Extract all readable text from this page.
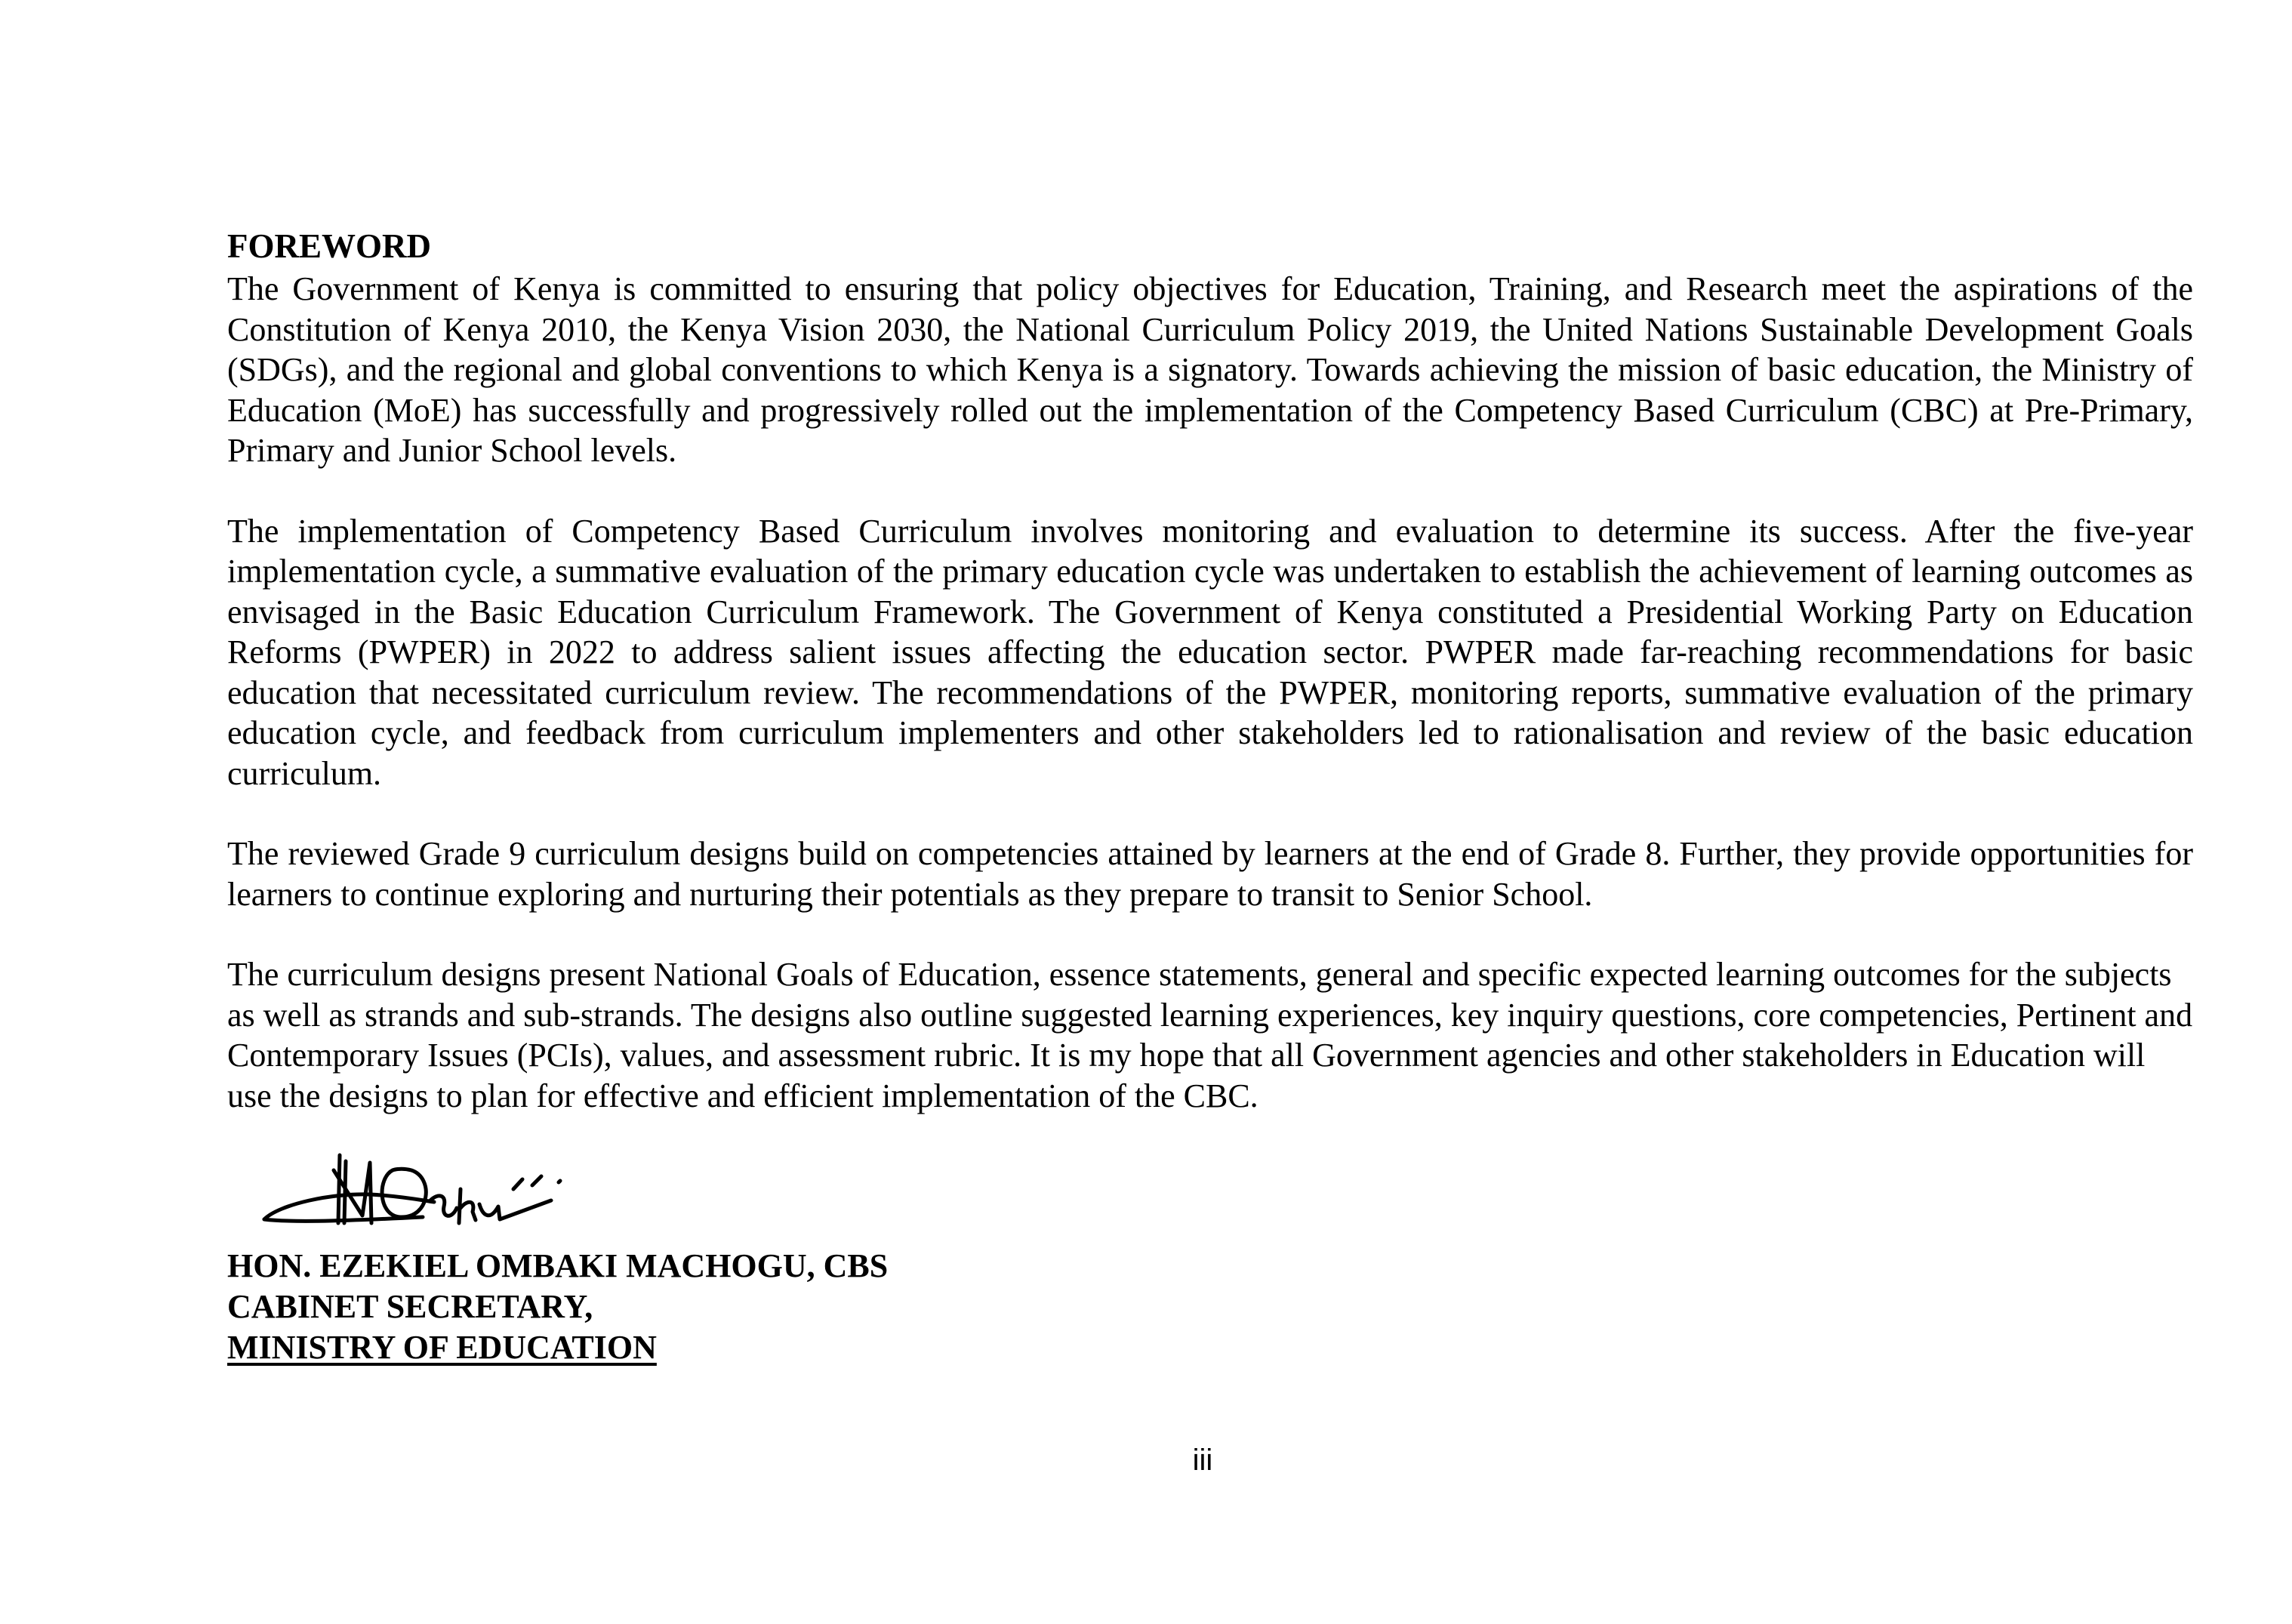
FOREWORD

The Government of Kenya is committed to ensuring that policy objectives for Education, Training, and Research meet the aspirations of the Constitution of Kenya 2010, the Kenya Vision 2030, the National Curriculum Policy 2019, the United Nations Sustainable Development Goals (SDGs), and the regional and global conventions to which Kenya is a signatory. Towards achieving the mission of basic education, the Ministry of Education (MoE) has successfully and progressively rolled out the implementation of the Competency Based Curriculum (CBC) at Pre-Primary, Primary and Junior School levels.

The implementation of Competency Based Curriculum involves monitoring and evaluation to determine its success. After the five-year implementation cycle, a summative evaluation of the primary education cycle was undertaken to establish the achievement of learning outcomes as envisaged in the Basic Education Curriculum Framework. The Government of Kenya constituted a Presidential Working Party on Education Reforms (PWPER) in 2022 to address salient issues affecting the education sector. PWPER made far-reaching recommendations for basic education that necessitated curriculum review. The recommendations of the PWPER, monitoring reports, summative evaluation of the primary education cycle, and feedback from curriculum implementers and other stakeholders led to rationalisation and review of the basic education curriculum.

The reviewed Grade 9 curriculum designs build on competencies attained by learners at the end of Grade 8. Further, they provide opportunities for learners to continue exploring and nurturing their potentials as they prepare to transit to Senior School.

The curriculum designs present National Goals of Education, essence statements, general and specific expected learning outcomes for the subjects as well as strands and sub-strands. The designs also outline suggested learning experiences, key inquiry questions, core competencies, Pertinent and Contemporary Issues (PCIs), values, and assessment rubric. It is my hope that all Government agencies and other stakeholders in Education will use the designs to plan for effective and efficient implementation of the CBC.

HON. EZEKIEL OMBAKI MACHOGU, CBS
CABINET SECRETARY,
MINISTRY OF EDUCATION
iii
